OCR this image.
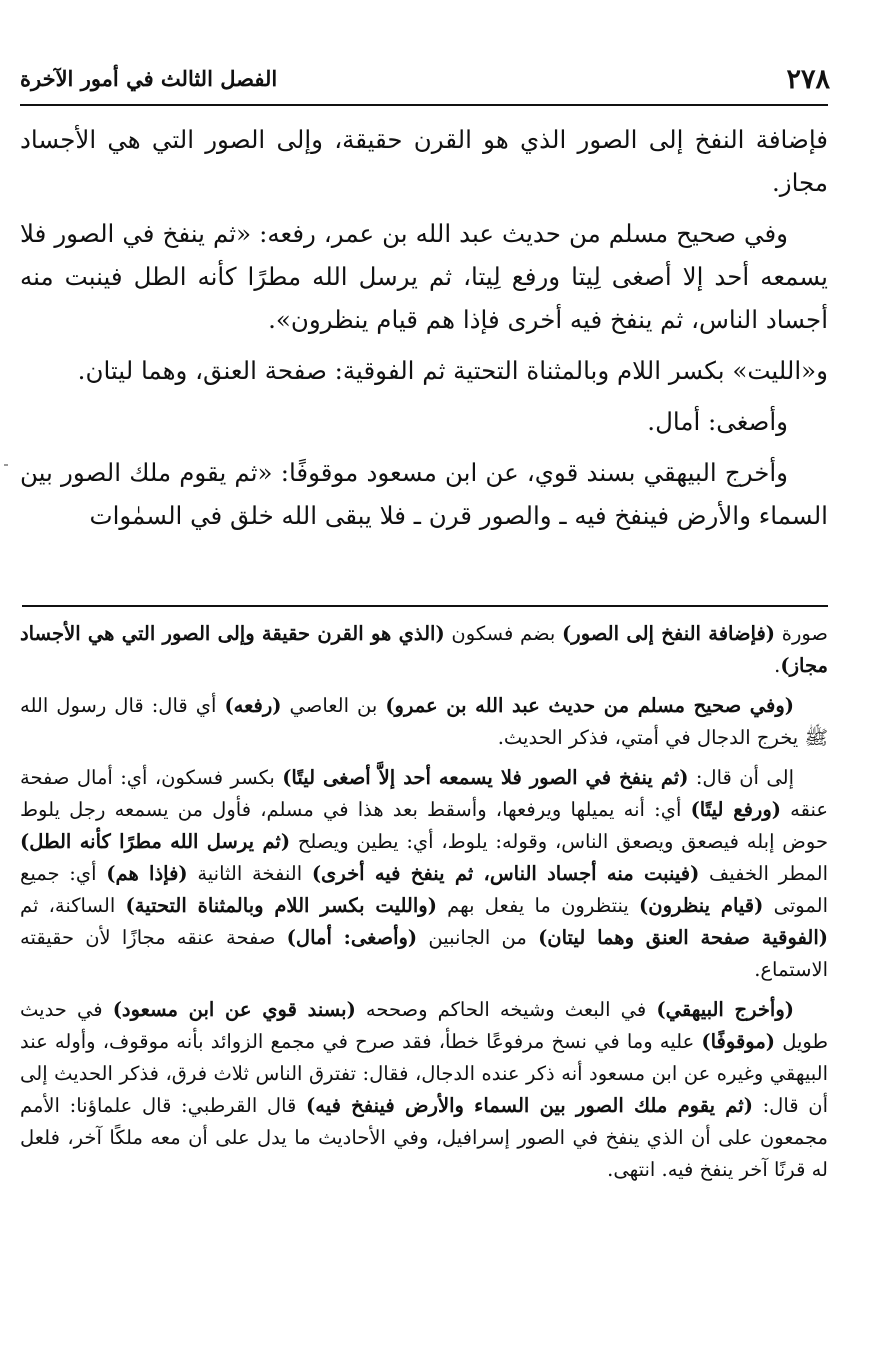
٢٧٨
الفصل الثالث في أمور الآخرة

فإضافة النفخ إلى الصور الذي هو القرن حقيقة، وإلى الصور التي هي الأجساد مجاز.

وفي صحيح مسلم من حديث عبد الله بن عمر، رفعه: «ثم ينفخ في الصور فلا يسمعه أحد إلا أصغى لِيتا ورفع لِيتا، ثم يرسل الله مطرًا كأنه الطل فينبت منه أجساد الناس، ثم ينفخ فيه أخرى فإذا هم قيام ينظرون».

و«الليت» بكسر اللام وبالمثناة التحتية ثم الفوقية: صفحة العنق، وهما ليتان.

وأصغى: أمال.

وأخرج البيهقي بسند قوي، عن ابن مسعود موقوفًا: «ثم يقوم ملك الصور بين السماء والأرض فينفخ فيه ـ والصور قرن ـ فلا يبقى الله خلق في السمٰوات

صورة (فإضافة النفخ إلى الصور) بضم فسكون (الذي هو القرن حقيقة وإلى الصور التي هي الأجساد مجاز).

(وفي صحيح مسلم من حديث عبد الله بن عمرو) بن العاصي (رفعه) أي قال: قال رسول الله ﷺ يخرج الدجال في أمتي، فذكر الحديث.

إلى أن قال: (ثم ينفخ في الصور فلا يسمعه أحد إلاَّ أصغى ليتًا) بكسر فسكون، أي: أمال صفحة عنقه (ورفع ليتًا) أي: أنه يميلها ويرفعها، وأسقط بعد هذا في مسلم، فأول من يسمعه رجل يلوط حوض إبله فيصعق ويصعق الناس، وقوله: يلوط، أي: يطين ويصلح (ثم يرسل الله مطرًا كأنه الطل) المطر الخفيف (فينبت منه أجساد الناس، ثم ينفخ فيه أخرى) النفخة الثانية (فإذا هم) أي: جميع الموتى (قيام ينظرون) ينتظرون ما يفعل بهم (والليت بكسر اللام وبالمثناة التحتية) الساكنة، ثم (الفوقية صفحة العنق وهما ليتان) من الجانبين (وأصغى: أمال) صفحة عنقه مجازًا لأن حقيقته الاستماع.

(وأخرج البيهقي) في البعث وشيخه الحاكم وصححه (بسند قوي عن ابن مسعود) في حديث طويل (موقوفًا) عليه وما في نسخ مرفوعًا خطأ، فقد صرح في مجمع الزوائد بأنه موقوف، وأوله عند البيهقي وغيره عن ابن مسعود أنه ذكر عنده الدجال، فقال: تفترق الناس ثلاث فرق، فذكر الحديث إلى أن قال: (ثم يقوم ملك الصور بين السماء والأرض فينفخ فيه) قال القرطبي: قال علماؤنا: الأمم مجمعون على أن الذي ينفخ في الصور إسرافيل، وفي الأحاديث ما يدل على أن معه ملكًا آخر، فلعل له قرنًا آخر ينفخ فيه. انتهى.
